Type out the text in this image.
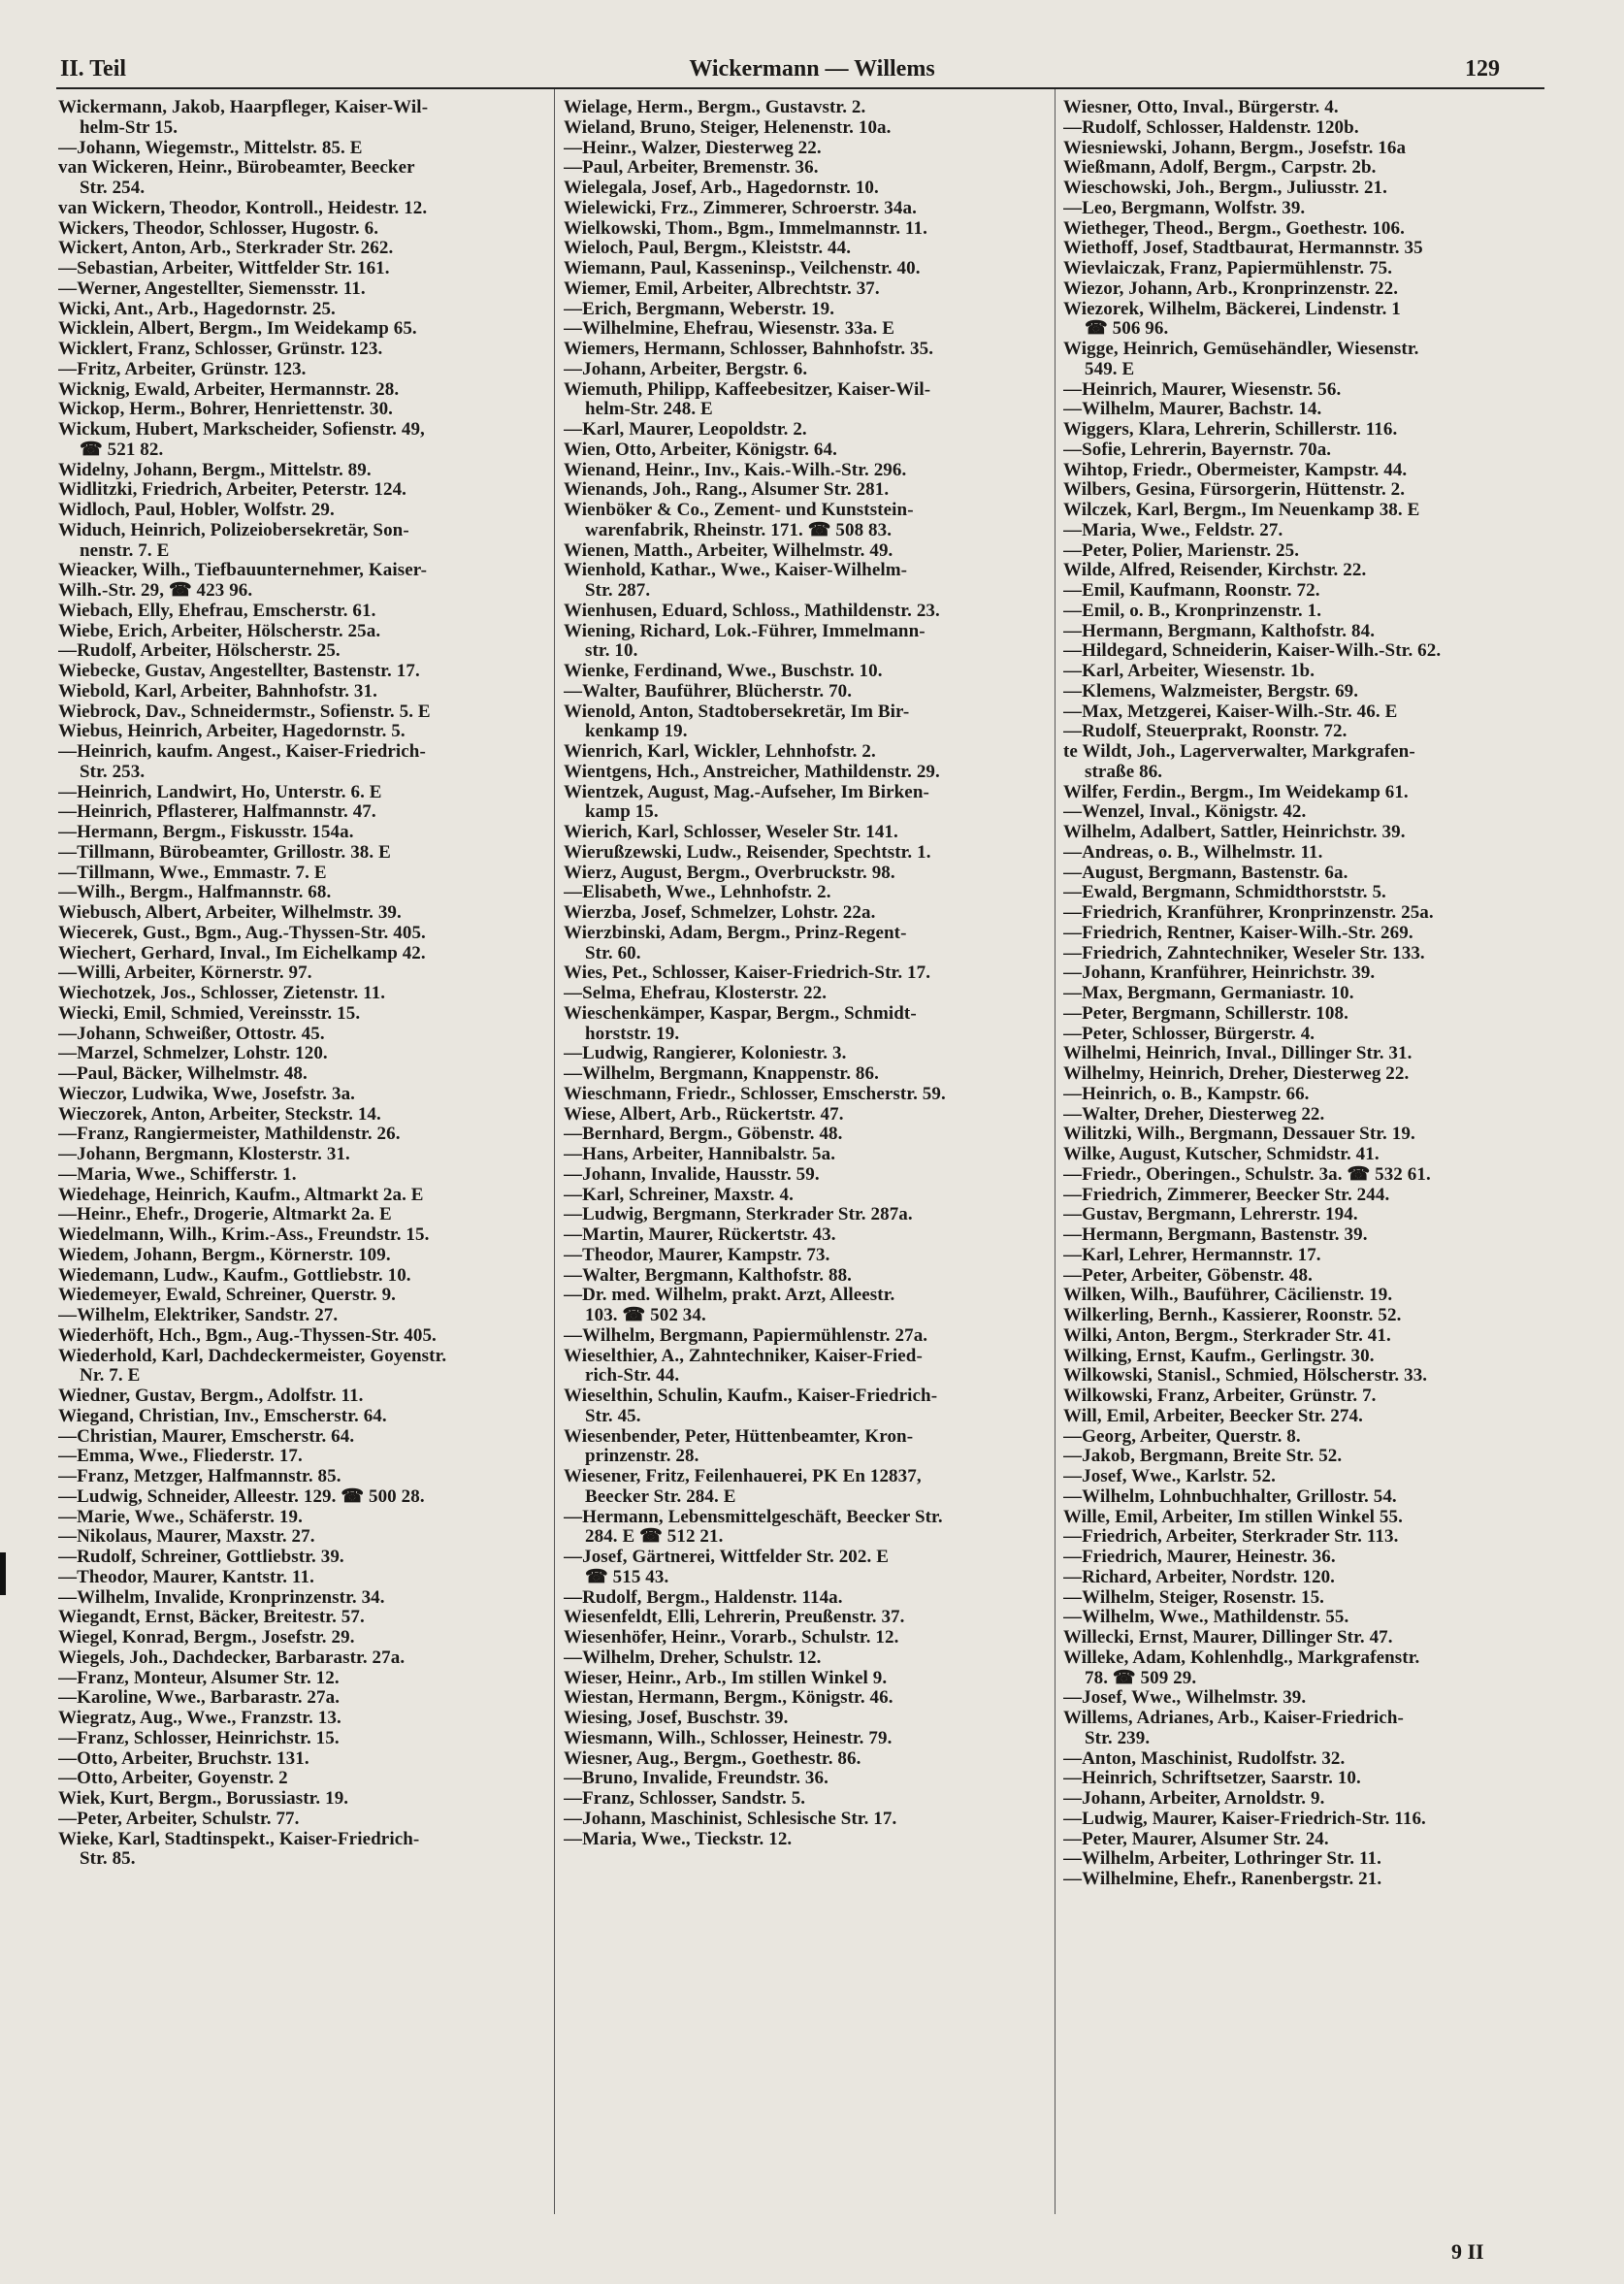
II. Teil	Wickermann — Willems	129
Wickermann, Jakob, Haarpfleger, Kaiser-Wil-
helm-Str 15.
—Johann, Wiegemstr., Mittelstr. 85. E
van Wickeren, Heinr., Bürobeamter, Beecker
Str. 254.
van Wickern, Theodor, Kontroll., Heidestr. 12.
Wickers, Theodor, Schlosser, Hugostr. 6.
Wickert, Anton, Arb., Sterkrader Str. 262.
—Sebastian, Arbeiter, Wittfelder Str. 161.
—Werner, Angestellter, Siemensstr. 11.
Wicki, Ant., Arb., Hagedornstr. 25.
Wicklein, Albert, Bergm., Im Weidekamp 65.
Wicklert, Franz, Schlosser, Grünstr. 123.
—Fritz, Arbeiter, Grünstr. 123.
Wicknig, Ewald, Arbeiter, Hermannstr. 28.
Wickop, Herm., Bohrer, Henriettenstr. 30.
Wickum, Hubert, Markscheider, Sofienstr. 49,
☎ 521 82.
Widelny, Johann, Bergm., Mittelstr. 89.
Widlitzki, Friedrich, Arbeiter, Peterstr. 124.
Widloch, Paul, Hobler, Wolfstr. 29.
Widuch, Heinrich, Polizeiobersekretär, Son-
nenstr. 7. E
Wieacker, Wilh., Tiefbauunternehmer, Kaiser-
Wilh.-Str. 29, ☎ 423 96.
Wiebach, Elly, Ehefrau, Emscherstr. 61.
Wiebe, Erich, Arbeiter, Hölscherstr. 25a.
—Rudolf, Arbeiter, Hölscherstr. 25.
Wiebecke, Gustav, Angestellter, Bastenstr. 17.
Wiebold, Karl, Arbeiter, Bahnhofstr. 31.
Wiebrock, Dav., Schneidermstr., Sofienstr. 5. E
Wiebus, Heinrich, Arbeiter, Hagedornstr. 5.
—Heinrich, kaufm. Angest., Kaiser-Friedrich-
Str. 253.
—Heinrich, Landwirt, Ho, Unterstr. 6. E
—Heinrich, Pflasterer, Halfmannstr. 47.
—Hermann, Bergm., Fiskusstr. 154a.
—Tillmann, Bürobeamter, Grillostr. 38. E
—Tillmann, Wwe., Emmastr. 7. E
—Wilh., Bergm., Halfmannstr. 68.
Wiebusch, Albert, Arbeiter, Wilhelmstr. 39.
Wiecerek, Gust., Bgm., Aug.-Thyssen-Str. 405.
Wiechert, Gerhard, Inval., Im Eichelkamp 42.
—Willi, Arbeiter, Körnerstr. 97.
Wiechotzek, Jos., Schlosser, Zietenstr. 11.
Wiecki, Emil, Schmied, Vereinsstr. 15.
—Johann, Schweißer, Ottostr. 45.
—Marzel, Schmelzer, Lohstr. 120.
—Paul, Bäcker, Wilhelmstr. 48.
Wieczor, Ludwika, Wwe, Josefstr. 3a.
Wieczorek, Anton, Arbeiter, Steckstr. 14.
—Franz, Rangiermeister, Mathildenstr. 26.
—Johann, Bergmann, Klosterstr. 31.
—Maria, Wwe., Schifferstr. 1.
Wiedehage, Heinrich, Kaufm., Altmarkt 2a. E
—Heinr., Ehefr., Drogerie, Altmarkt 2a. E
Wiedelmann, Wilh., Krim.-Ass., Freundstr. 15.
Wiedem, Johann, Bergm., Körnerstr. 109.
Wiedemann, Ludw., Kaufm., Gottliebstr. 10.
Wiedemeyer, Ewald, Schreiner, Querstr. 9.
—Wilhelm, Elektriker, Sandstr. 27.
Wiederhöft, Hch., Bgm., Aug.-Thyssen-Str. 405.
Wiederhold, Karl, Dachdeckermeister, Goyenstr.
Nr. 7. E
Wiedner, Gustav, Bergm., Adolfstr. 11.
Wiegand, Christian, Inv., Emscherstr. 64.
—Christian, Maurer, Emscherstr. 64.
—Emma, Wwe., Fliederstr. 17.
—Franz, Metzger, Halfmannstr. 85.
—Ludwig, Schneider, Alleestr. 129. ☎ 500 28.
—Marie, Wwe., Schäferstr. 19.
—Nikolaus, Maurer, Maxstr. 27.
—Rudolf, Schreiner, Gottliebstr. 39.
—Theodor, Maurer, Kantstr. 11.
—Wilhelm, Invalide, Kronprinzenstr. 34.
Wiegandt, Ernst, Bäcker, Breitestr. 57.
Wiegel, Konrad, Bergm., Josefstr. 29.
Wiegels, Joh., Dachdecker, Barbarastr. 27a.
—Franz, Monteur, Alsumer Str. 12.
—Karoline, Wwe., Barbarastr. 27a.
Wiegratz, Aug., Wwe., Franzstr. 13.
—Franz, Schlosser, Heinrichstr. 15.
—Otto, Arbeiter, Bruchstr. 131.
—Otto, Arbeiter, Goyenstr. 2
Wiek, Kurt, Bergm., Borussiastr. 19.
—Peter, Arbeiter, Schulstr. 77.
Wieke, Karl, Stadtinspekt., Kaiser-Friedrich-
Str. 85.
Wielage, Herm., Bergm., Gustavstr. 2.
Wieland, Bruno, Steiger, Helenenstr. 10a.
—Heinr., Walzer, Diesterweg 22.
—Paul, Arbeiter, Bremenstr. 36.
Wielegala, Josef, Arb., Hagedornstr. 10.
Wielewicki, Frz., Zimmerer, Schroerstr. 34a.
Wielkowski, Thom., Bgm., Immelmannstr. 11.
Wieloch, Paul, Bergm., Kleiststr. 44.
Wiemann, Paul, Kasseninsp., Veilchenstr. 40.
Wiemer, Emil, Arbeiter, Albrechtstr. 37.
—Erich, Bergmann, Weberstr. 19.
—Wilhelmine, Ehefrau, Wiesenstr. 33a. E
Wiemers, Hermann, Schlosser, Bahnhofstr. 35.
—Johann, Arbeiter, Bergstr. 6.
Wiemuth, Philipp, Kaffeebesitzer, Kaiser-Wil-
helm-Str. 248. E
—Karl, Maurer, Leopoldstr. 2.
Wien, Otto, Arbeiter, Königstr. 64.
Wienand, Heinr., Inv., Kais.-Wilh.-Str. 296.
Wienands, Joh., Rang., Alsumer Str. 281.
Wienböker & Co., Zement- und Kunststein-
warenfabrik, Rheinstr. 171. ☎ 508 83.
Wienen, Matth., Arbeiter, Wilhelmstr. 49.
Wienhold, Kathar., Wwe., Kaiser-Wilhelm-
Str. 287.
Wienhusen, Eduard, Schloss., Mathildenstr. 23.
Wiening, Richard, Lok.-Führer, Immelmann-
str. 10.
Wienke, Ferdinand, Wwe., Buschstr. 10.
—Walter, Bauführer, Blücherstr. 70.
Wienold, Anton, Stadtobersekretär, Im Bir-
kenkamp 19.
Wienrich, Karl, Wickler, Lehnhofstr. 2.
Wientgens, Hch., Anstreicher, Mathildenstr. 29.
Wientzek, August, Mag.-Aufseher, Im Birken-
kamp 15.
Wierich, Karl, Schlosser, Weseler Str. 141.
Wierußzewski, Ludw., Reisender, Spechtstr. 1.
Wierz, August, Bergm., Overbruckstr. 98.
—Elisabeth, Wwe., Lehnhofstr. 2.
Wierzba, Josef, Schmelzer, Lohstr. 22a.
Wierzbinski, Adam, Bergm., Prinz-Regent-
Str. 60.
Wies, Pet., Schlosser, Kaiser-Friedrich-Str. 17.
—Selma, Ehefrau, Klosterstr. 22.
Wieschenkämper, Kaspar, Bergm., Schmidt-
horststr. 19.
—Ludwig, Rangierer, Koloniestr. 3.
—Wilhelm, Bergmann, Knappenstr. 86.
Wieschmann, Friedr., Schlosser, Emscherstr. 59.
Wiese, Albert, Arb., Rückertstr. 47.
—Bernhard, Bergm., Göbenstr. 48.
—Hans, Arbeiter, Hannibalstr. 5a.
—Johann, Invalide, Hausstr. 59.
—Karl, Schreiner, Maxstr. 4.
—Ludwig, Bergmann, Sterkrader Str. 287a.
—Martin, Maurer, Rückertstr. 43.
—Theodor, Maurer, Kampstr. 73.
—Walter, Bergmann, Kalthofstr. 88.
—Dr. med. Wilhelm, prakt. Arzt, Alleestr.
103. ☎ 502 34.
—Wilhelm, Bergmann, Papiermühlenstr. 27a.
Wieselthier, A., Zahntechniker, Kaiser-Fried-
rich-Str. 44.
Wieselthin, Schulin, Kaufm., Kaiser-Friedrich-
Str. 45.
Wiesenbender, Peter, Hüttenbeamter, Kron-
prinzenstr. 28.
Wiesener, Fritz, Feilenhauerei, PK En 12837,
Beecker Str. 284. E
—Hermann, Lebensmittelgeschäft, Beecker Str.
284. E ☎ 512 21.
—Josef, Gärtnerei, Wittfelder Str. 202. E
☎ 515 43.
—Rudolf, Bergm., Haldenstr. 114a.
Wiesenfeldt, Elli, Lehrerin, Preußenstr. 37.
Wiesenhöfer, Heinr., Vorarb., Schulstr. 12.
—Wilhelm, Dreher, Schulstr. 12.
Wieser, Heinr., Arb., Im stillen Winkel 9.
Wiestan, Hermann, Bergm., Königstr. 46.
Wiesing, Josef, Buschstr. 39.
Wiesmann, Wilh., Schlosser, Heinestr. 79.
Wiesner, Aug., Bergm., Goethestr. 86.
—Bruno, Invalide, Freundstr. 36.
—Franz, Schlosser, Sandstr. 5.
—Johann, Maschinist, Schlesische Str. 17.
—Maria, Wwe., Tieckstr. 12.
Wiesner, Otto, Inval., Bürgerstr. 4.
—Rudolf, Schlosser, Haldenstr. 120b.
Wiesniewski, Johann, Bergm., Josefstr. 16a
Wießmann, Adolf, Bergm., Carpstr. 2b.
Wieschowski, Joh., Bergm., Juliusstr. 21.
—Leo, Bergmann, Wolfstr. 39.
Wietheger, Theod., Bergm., Goethestr. 106.
Wiethoff, Josef, Stadtbaurat, Hermannstr. 35
Wievlaiczak, Franz, Papiermühlenstr. 75.
Wiezor, Johann, Arb., Kronprinzenstr. 22.
Wiezorek, Wilhelm, Bäckerei, Lindenstr. 1
☎ 506 96.
Wigge, Heinrich, Gemüsehändler, Wiesenstr.
549. E
—Heinrich, Maurer, Wiesenstr. 56.
—Wilhelm, Maurer, Bachstr. 14.
Wiggers, Klara, Lehrerin, Schillerstr. 116.
—Sofie, Lehrerin, Bayernstr. 70a.
Wihtop, Friedr., Obermeister, Kampstr. 44.
Wilbers, Gesina, Fürsorgerin, Hüttenstr. 2.
Wilczek, Karl, Bergm., Im Neuenkamp 38. E
—Maria, Wwe., Feldstr. 27.
—Peter, Polier, Marienstr. 25.
Wilde, Alfred, Reisender, Kirchstr. 22.
—Emil, Kaufmann, Roonstr. 72.
—Emil, o. B., Kronprinzenstr. 1.
—Hermann, Bergmann, Kalthofstr. 84.
—Hildegard, Schneiderin, Kaiser-Wilh.-Str. 62.
—Karl, Arbeiter, Wiesenstr. 1b.
—Klemens, Walzmeister, Bergstr. 69.
—Max, Metzgerei, Kaiser-Wilh.-Str. 46. E
—Rudolf, Steuerprakt, Roonstr. 72.
te Wildt, Joh., Lagerverwalter, Markgrafen-
straße 86.
Wilfer, Ferdin., Bergm., Im Weidekamp 61.
—Wenzel, Inval., Königstr. 42.
Wilhelm, Adalbert, Sattler, Heinrichstr. 39.
—Andreas, o. B., Wilhelmstr. 11.
—August, Bergmann, Bastenstr. 6a.
—Ewald, Bergmann, Schmidthorststr. 5.
—Friedrich, Kranführer, Kronprinzenstr. 25a.
—Friedrich, Rentner, Kaiser-Wilh.-Str. 269.
—Friedrich, Zahntechniker, Weseler Str. 133.
—Johann, Kranführer, Heinrichstr. 39.
—Max, Bergmann, Germaniastr. 10.
—Peter, Bergmann, Schillerstr. 108.
—Peter, Schlosser, Bürgerstr. 4.
Wilhelmi, Heinrich, Inval., Dillinger Str. 31.
Wilhelmy, Heinrich, Dreher, Diesterweg 22.
—Heinrich, o. B., Kampstr. 66.
—Walter, Dreher, Diesterweg 22.
Wilitzki, Wilh., Bergmann, Dessauer Str. 19.
Wilke, August, Kutscher, Schmidstr. 41.
—Friedr., Oberingen., Schulstr. 3a. ☎ 532 61.
—Friedrich, Zimmerer, Beecker Str. 244.
—Gustav, Bergmann, Lehrerstr. 194.
—Hermann, Bergmann, Bastenstr. 39.
—Karl, Lehrer, Hermannstr. 17.
—Peter, Arbeiter, Göbenstr. 48.
Wilken, Wilh., Bauführer, Cäcilienstr. 19.
Wilkerling, Bernh., Kassierer, Roonstr. 52.
Wilki, Anton, Bergm., Sterkrader Str. 41.
Wilking, Ernst, Kaufm., Gerlingstr. 30.
Wilkowski, Stanisl., Schmied, Hölscherstr. 33.
Wilkowski, Franz, Arbeiter, Grünstr. 7.
Will, Emil, Arbeiter, Beecker Str. 274.
—Georg, Arbeiter, Querstr. 8.
—Jakob, Bergmann, Breite Str. 52.
—Josef, Wwe., Karlstr. 52.
—Wilhelm, Lohnbuchhalter, Grillostr. 54.
Wille, Emil, Arbeiter, Im stillen Winkel 55.
—Friedrich, Arbeiter, Sterkrader Str. 113.
—Friedrich, Maurer, Heinestr. 36.
—Richard, Arbeiter, Nordstr. 120.
—Wilhelm, Steiger, Rosenstr. 15.
—Wilhelm, Wwe., Mathildenstr. 55.
Willecki, Ernst, Maurer, Dillinger Str. 47.
Willeke, Adam, Kohlenhdlg., Markgrafenstr.
78. ☎ 509 29.
—Josef, Wwe., Wilhelmstr. 39.
Willems, Adrianes, Arb., Kaiser-Friedrich-
Str. 239.
—Anton, Maschinist, Rudolfstr. 32.
—Heinrich, Schriftsetzer, Saarstr. 10.
—Johann, Arbeiter, Arnoldstr. 9.
—Ludwig, Maurer, Kaiser-Friedrich-Str. 116.
—Peter, Maurer, Alsumer Str. 24.
—Wilhelm, Arbeiter, Lothringer Str. 11.
—Wilhelmine, Ehefr., Ranenbergstr. 21.
9 II
